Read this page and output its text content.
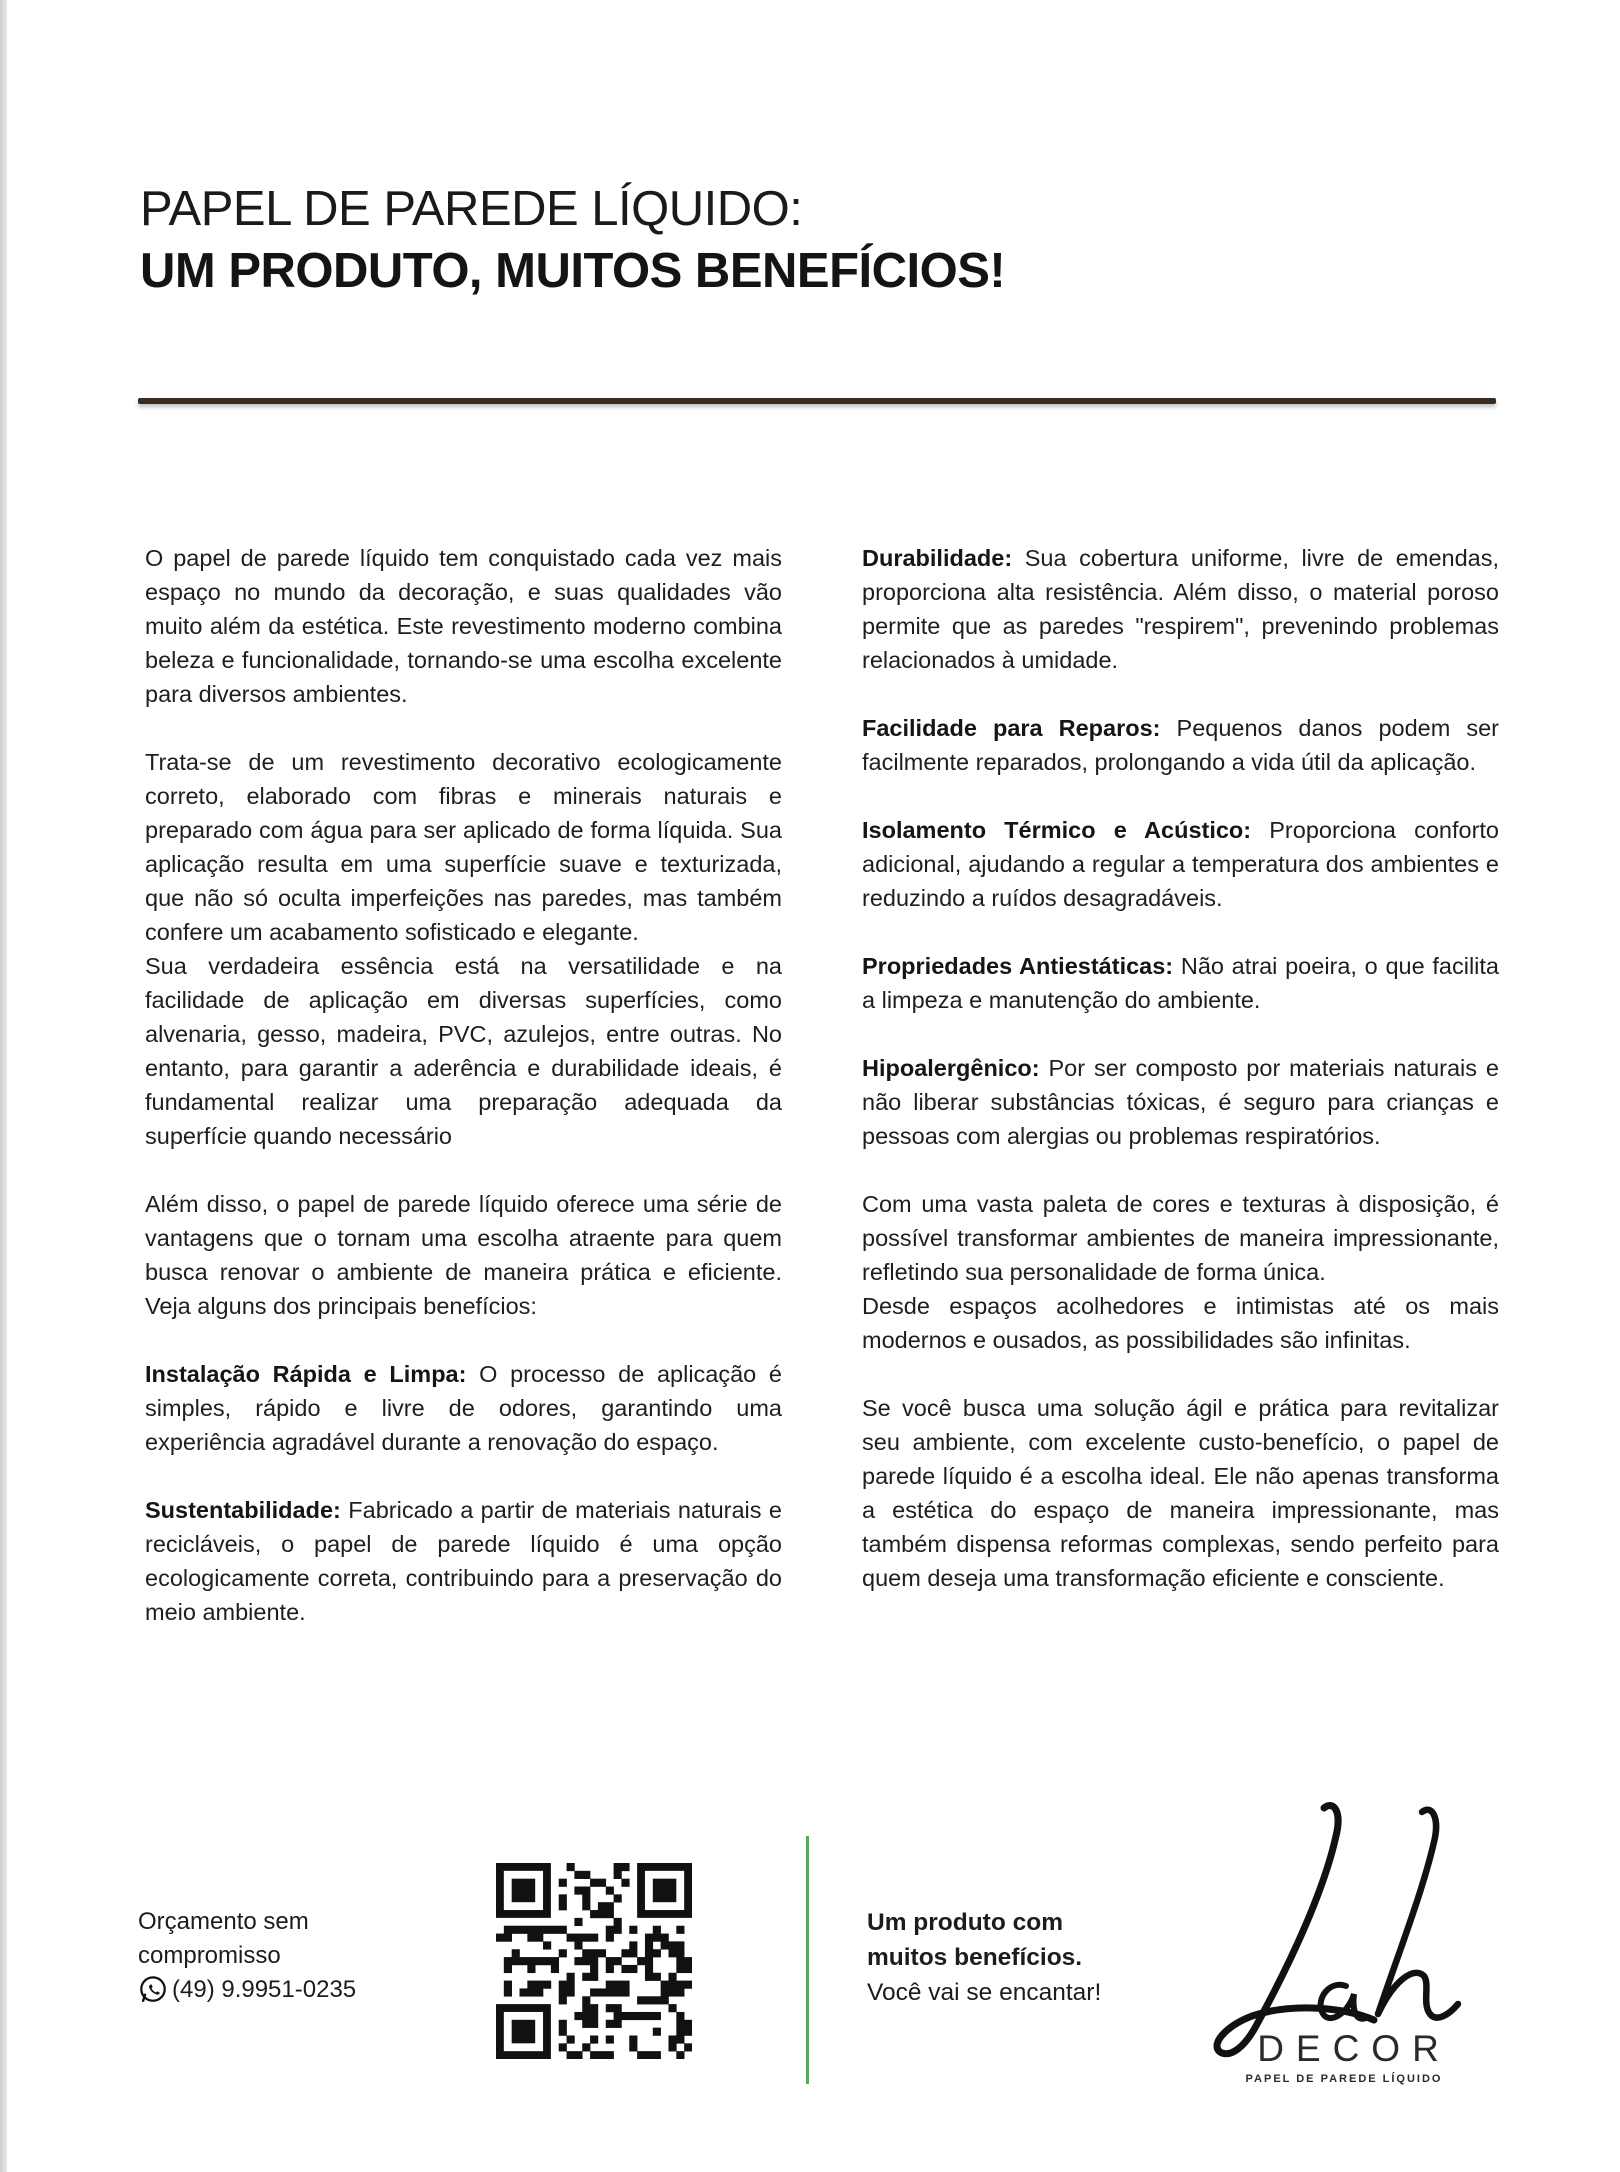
PAPEL DE PAREDE LÍQUIDO:
UM PRODUTO, MUITOS BENEFÍCIOS!

O papel de parede líquido tem conquistado cada vez mais espaço no mundo da decoração, e suas qualidades vão muito além da estética. Este revestimento moderno combina beleza e funcionalidade, tornando-se uma escolha excelente para diversos ambientes.

Trata-se de um revestimento decorativo ecologicamente correto, elaborado com fibras e minerais naturais e preparado com água para ser aplicado de forma líquida. Sua aplicação resulta em uma superfície suave e texturizada, que não só oculta imperfeições nas paredes, mas também confere um acabamento sofisticado e elegante.

Sua verdadeira essência está na versatilidade e na facilidade de aplicação em diversas superfícies, como alvenaria, gesso, madeira, PVC, azulejos, entre outras. No entanto, para garantir a aderência e durabilidade ideais, é fundamental realizar uma preparação adequada da superfície quando necessário

Além disso, o papel de parede líquido oferece uma série de vantagens que o tornam uma escolha atraente para quem busca renovar o ambiente de maneira prática e eficiente. Veja alguns dos principais benefícios:

Instalação Rápida e Limpa: O processo de aplicação é simples, rápido e livre de odores, garantindo uma experiência agradável durante a renovação do espaço.

Sustentabilidade: Fabricado a partir de materiais naturais e recicláveis, o papel de parede líquido é uma opção ecologicamente correta, contribuindo para a preservação do meio ambiente.

Durabilidade: Sua cobertura uniforme, livre de emendas, proporciona alta resistência. Além disso, o material poroso permite que as paredes "respirem", prevenindo problemas relacionados à umidade.

Facilidade para Reparos: Pequenos danos podem ser facilmente reparados, prolongando a vida útil da aplicação.

Isolamento Térmico e Acústico: Proporciona conforto adicional, ajudando a regular a temperatura dos ambientes e reduzindo a ruídos desagradáveis.

Propriedades Antiestáticas: Não atrai poeira, o que facilita a limpeza e manutenção do ambiente.

Hipoalergênico: Por ser composto por materiais naturais e não liberar substâncias tóxicas, é seguro para crianças e pessoas com alergias ou problemas respiratórios.

Com uma vasta paleta de cores e texturas à disposição, é possível transformar ambientes de maneira impressionante, refletindo sua personalidade de forma única.

Desde espaços acolhedores e intimistas até os mais modernos e ousados, as possibilidades são infinitas.

Se você busca uma solução ágil e prática para revitalizar seu ambiente, com excelente custo-benefício, o papel de parede líquido é a escolha ideal. Ele não apenas transforma a estética do espaço de maneira impressionante, mas também dispensa reformas complexas, sendo perfeito para quem deseja uma transformação eficiente e consciente.

Orçamento sem
compromisso
(49) 9.9951-0235
Um produto com
muitos benefícios.
Você vai se encantar!
DECOR
PAPEL DE PAREDE LÍQUIDO
